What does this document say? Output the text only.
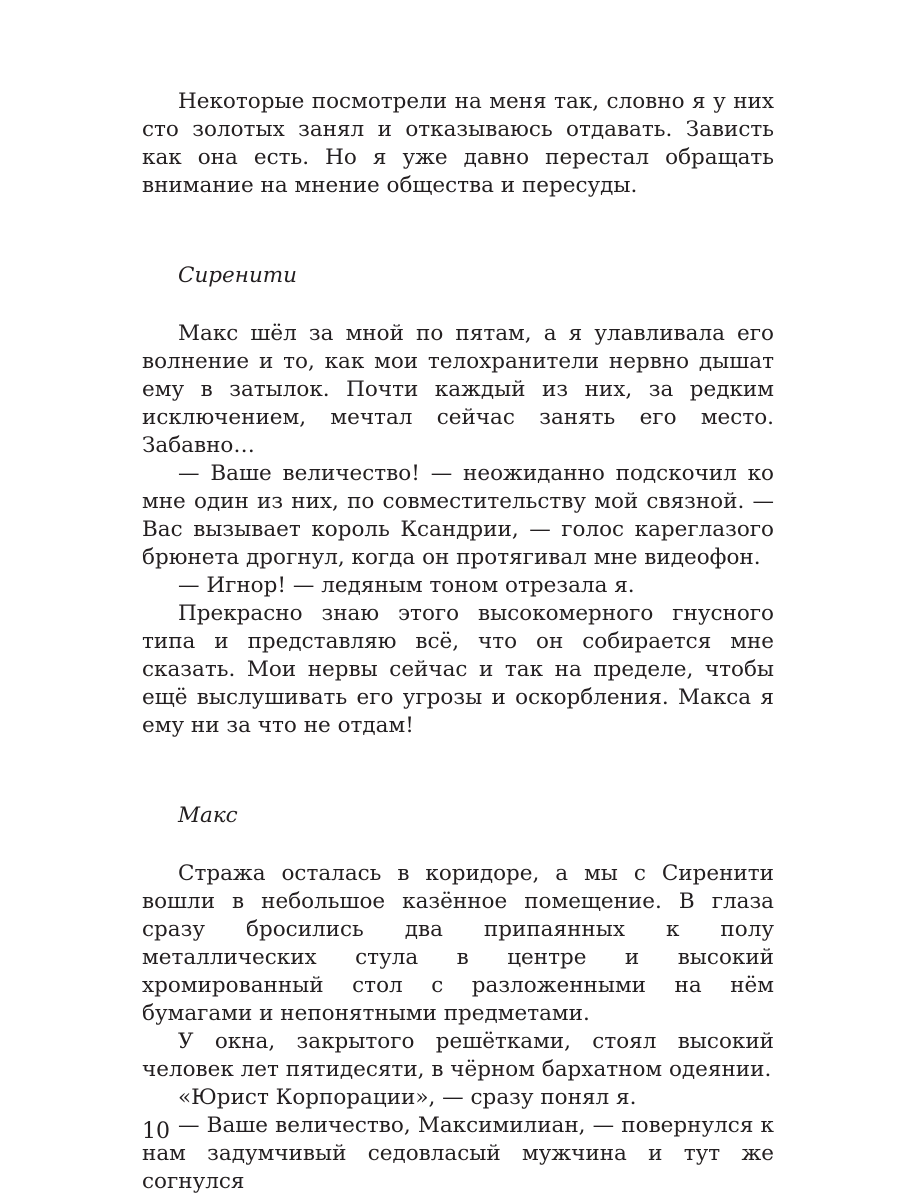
Некоторые посмотрели на меня так, словно я у них сто золотых занял и отказываюсь отдавать. Зависть как она есть. Но я уже давно перестал обращать внимание на мнение общества и пересуды.

Сиренити

Макс шёл за мной по пятам, а я улавливала его волнение и то, как мои телохранители нервно дышат ему в затылок. Почти каждый из них, за редким исключением, мечтал сейчас занять его место. Забавно…

— Ваше величество! — неожиданно подскочил ко мне один из них, по совместительству мой связной. — Вас вызывает король Ксандрии, — голос кареглазого брюнета дрогнул, когда он протягивал мне видеофон.

— Игнор! — ледяным тоном отрезала я.

Прекрасно знаю этого высокомерного гнусного типа и представляю всё, что он собирается мне сказать. Мои нервы сейчас и так на пределе, чтобы ещё выслушивать его угрозы и оскорбления. Макса я ему ни за что не отдам!

Макс

Стража осталась в коридоре, а мы с Сиренити вошли в небольшое казённое помещение. В глаза сразу бросились два припаянных к полу металлических стула в центре и высокий хромированный стол с разложенными на нём бумагами и непонятными предметами.

У окна, закрытого решётками, стоял высокий человек лет пятидесяти, в чёрном бархатном одеянии.

«Юрист Корпорации», — сразу понял я.

— Ваше величество, Максимилиан, — повернулся к нам задумчивый седовласый мужчина и тут же согнулся

10
